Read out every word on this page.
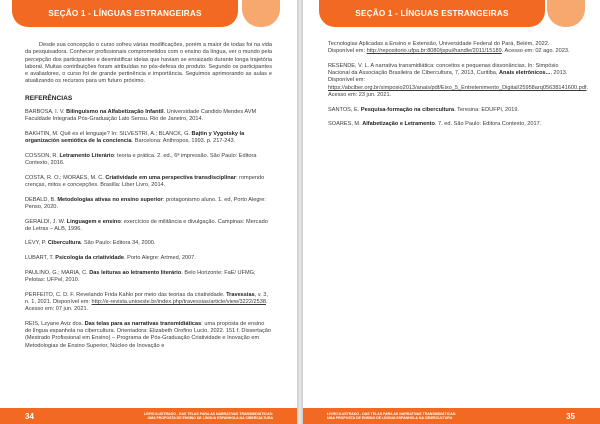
SEÇÃO 1 - LÍNGUAS ESTRANGEIRAS

Desde sua concepção o curso sofreu várias modificações, porém a maior de todas foi na vida da pesquisadora. Conhecer profissionais comprometidos com o ensino da língua, ver o mundo pela percepção dos participantes e desmistificar ideias que haviam se enraizado durante longa trajetória laboral. Muitas contribuições foram atribuídas no pós-defesa do produto. Segundo os participantes e avaliadores, o curso foi de grande pertinência e importância. Seguimos aprimorando as aulas e atualizando os recursos para um futuro próximo.

REFERÊNCIAS

BARBOSA, I. V. Bilinguismo na Alfabetização Infantil. Universidade Candido Mendes AVM Faculdade Integrada Pós-Graduação Lato Sensu. Rio de Janeiro, 2014.

BAKHTIN, M. Quê es el lenguaje? In: SILVESTRI, A.; BLANCK, G. Bajtin y Vygotsky la organización semiótica de la conciencia. Barcelona: Anthropos, 1993. p. 217-243.

COSSON, R. Letramento Literário: teoria e prática. 2. ed., 6ª impressão. São Paulo: Editora Contexto, 2016.

COSTA, R. O.; MORAES, M. C. Criatividade em uma perspectiva transdisciplinar: rompendo crenças, mitos e concepções. Brasília: Liber Livro, 2014.

DEBALD, B. Metodologias ativas no ensino superior: protagonismo aluno. 1. ed, Porto Alegre: Penso, 2020.

GERALDI, J. W. Linguagem e ensino: exercícios de militância e divulgação. Campinas: Mercado de Letras – ALB, 1996.

LÉVY, P. Cibercultura. São Paulo: Editora 34, 2000.

LUBART, T. Psicologia da criatividade. Porto Alegre: Artmed, 2007.

PAULINO, G.; MARIA, C. Das leituras ao letramento literário. Belo Horizonte: FaE/ UFMG; Pelotas: UFPel, 2010.

PERFEITO, C. D. F. Revelando Frida Kahlo por meio das teorias da criatividade. Travessias, v. 3, n. 1, 2021. Disponível em: http://e-revista.unioeste.br/index.php/travessias/article/view/3222/2538. Acesso em: 07 jun. 2021.

REIS, Lzyane Aviz dos. Das telas para as narrativas transmidiáticas: uma proposta de ensino de língua espanhola na cibercultura. Orientadora: Elizabeth Orofino Lucio. 2022. 151 f. Dissertação (Mestrado Profissional em Ensino) – Programa de Pós-Graduação Criatividade e Inovação em Metodologias de Ensino Superior, Núcleo de Inovação e

34	LIVRO ILUSTRADO - DAS TELAS PARA AS NARRATIVAS TRANSMIDIÁTICAS:
UMA PROPOSTA DE ENSINO DE LÍNGUA ESPANHOLA NA CIBERCULTURA
SEÇÃO 1 - LÍNGUAS ESTRANGEIRAS

Tecnologias Aplicadas a Ensino e Extensão, Universidade Federal do Pará, Belém, 2022. Disponível em: http://repositorio.ufpa.br:8080/jspui/handle/2011/15189. Acesso em: 02 ago. 2023.

RESENDE, V. L. A narrativa transmidiática: conceitos e pequenas dissonâncias. In: Simpósio Nacional da Associação Brasileira de Cibercultura, 7, 2013, Curitiba, Anais eletrônicos..., 2013. Disponível em: https://abciber.org.br/simposio2013/anais/pdf/Eixo_5_Entretenimento_Digital/25958arq05638141600.pdf. Acesso em: 23 jun. 2021.

SANTOS, E. Pesquisa-formação na cibercultura. Teresina: EDUFPI, 2019.

SOARES, M. Alfabetização e Letramento. 7. ed. São Paulo: Editora Contexto, 2017.

LIVRO ILUSTRADO - DAS TELAS PARA AS NARRATIVAS TRANSMIDIÁTICAS:
UMA PROPOSTA DE ENSINO DE LÍNGUA ESPANHOLA NA CIBERCULTURA	35
